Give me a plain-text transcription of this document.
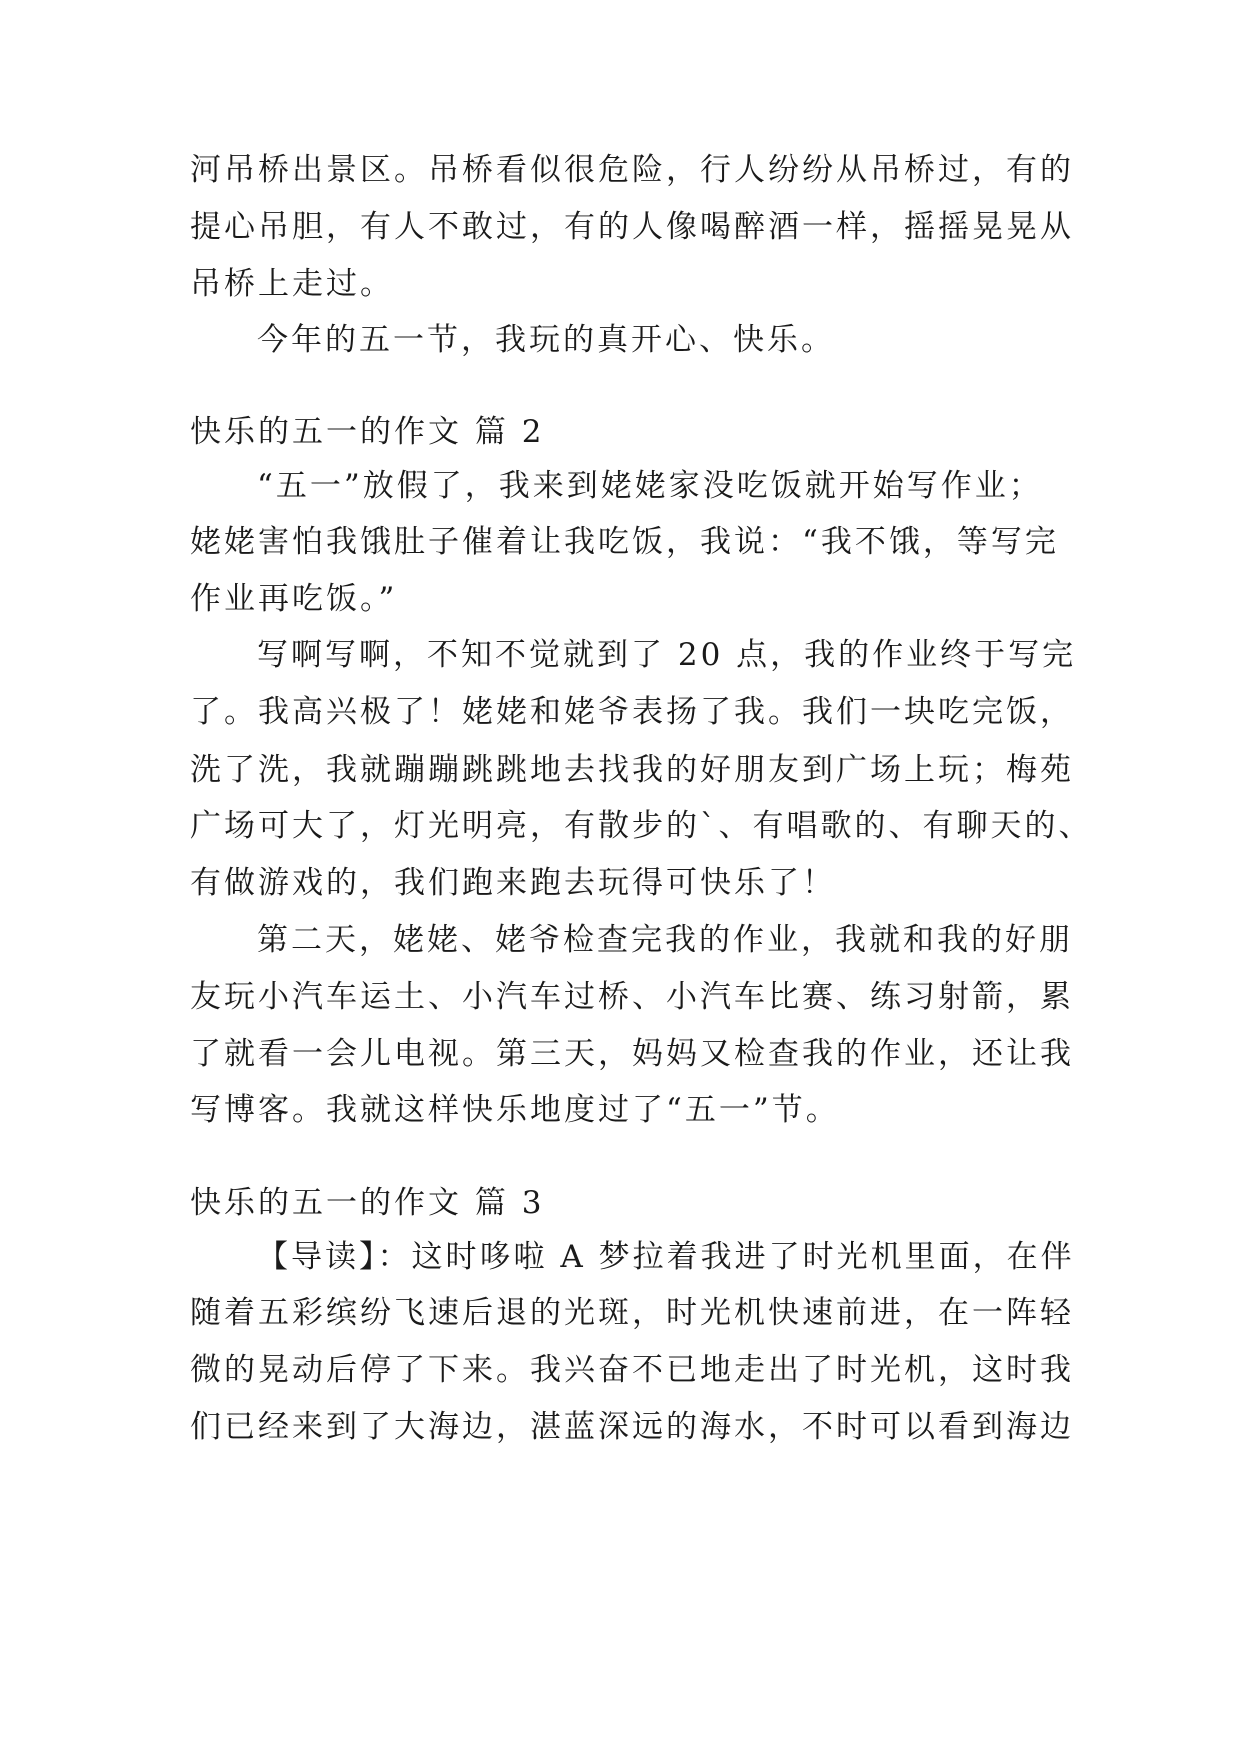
河吊桥出景区。吊桥看似很危险，行人纷纷从吊桥过，有的
提心吊胆，有人不敢过，有的人像喝醉酒一样，摇摇晃晃从
吊桥上走过。
今年的五一节，我玩的真开心、快乐。
快乐的五一的作文 篇 2
“五一”放假了，我来到姥姥家没吃饭就开始写作业；
姥姥害怕我饿肚子催着让我吃饭，我说：“我不饿，等写完
作业再吃饭。”
写啊写啊，不知不觉就到了 20 点，我的作业终于写完
了。我高兴极了！姥姥和姥爷表扬了我。我们一块吃完饭，
洗了洗，我就蹦蹦跳跳地去找我的好朋友到广场上玩；梅苑
广场可大了，灯光明亮，有散步的`、有唱歌的、有聊天的、
有做游戏的，我们跑来跑去玩得可快乐了！
第二天，姥姥、姥爷检查完我的作业，我就和我的好朋
友玩小汽车运土、小汽车过桥、小汽车比赛、练习射箭，累
了就看一会儿电视。第三天，妈妈又检查我的作业，还让我
写博客。我就这样快乐地度过了“五一”节。
快乐的五一的作文 篇 3
【导读】：这时哆啦 A 梦拉着我进了时光机里面，在伴
随着五彩缤纷飞速后退的光斑，时光机快速前进，在一阵轻
微的晃动后停了下来。我兴奋不已地走出了时光机，这时我
们已经来到了大海边，湛蓝深远的海水，不时可以看到海边
